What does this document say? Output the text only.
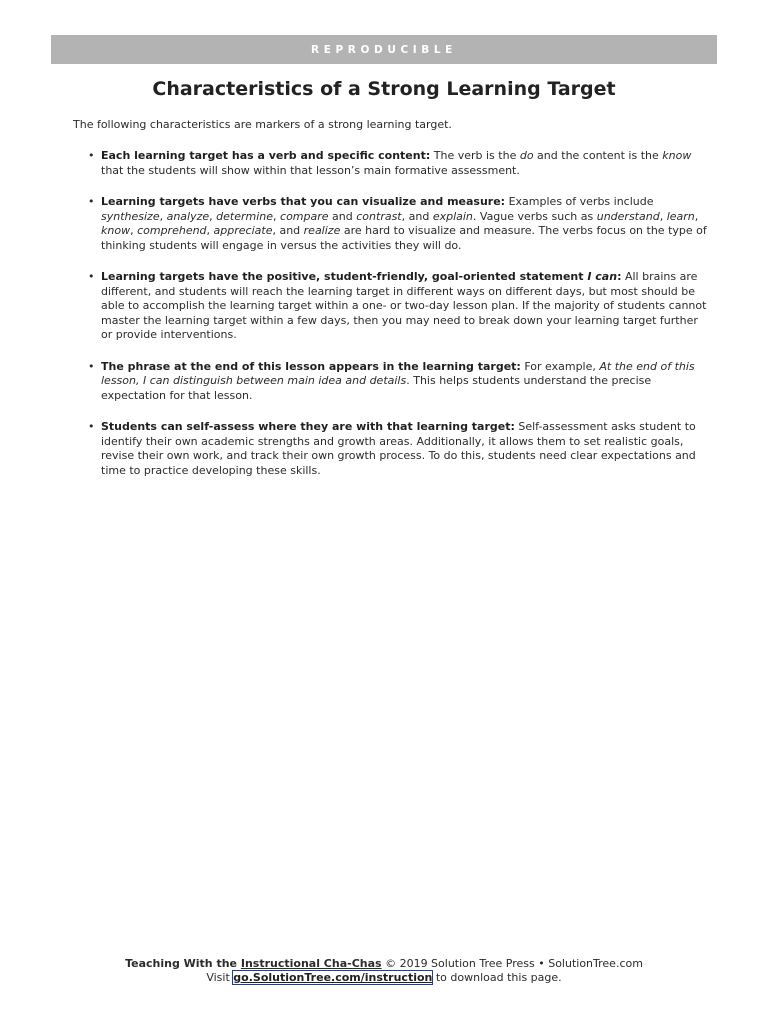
REPRODUCIBLE
Characteristics of a Strong Learning Target

The following characteristics are markers of a strong learning target.

• Each learning target has a verb and specific content: The verb is the do and the content is the know that the students will show within that lesson’s main formative assessment.
• Learning targets have verbs that you can visualize and measure: Examples of verbs include synthesize, analyze, determine, compare and contrast, and explain. Vague verbs such as understand, learn, know, comprehend, appreciate, and realize are hard to visualize and measure. The verbs focus on the type of thinking students will engage in versus the activities they will do.
• Learning targets have the positive, student-friendly, goal-oriented statement I can: All brains are different, and students will reach the learning target in different ways on different days, but most should be able to accomplish the learning target within a one- or two-day lesson plan. If the majority of students cannot master the learning target within a few days, then you may need to break down your learning target further or provide interventions.
• The phrase at the end of this lesson appears in the learning target: For example, At the end of this lesson, I can distinguish between main idea and details. This helps students understand the precise expectation for that lesson.
• Students can self-assess where they are with that learning target: Self-assessment asks student to identify their own academic strengths and growth areas. Additionally, it allows them to set realistic goals, revise their own work, and track their own growth process. To do this, students need clear expectations and time to practice developing these skills.
Teaching With the Instructional Cha-Chas © 2019 Solution Tree Press • SolutionTree.com
Visit go.SolutionTree.com/instruction to download this page.
